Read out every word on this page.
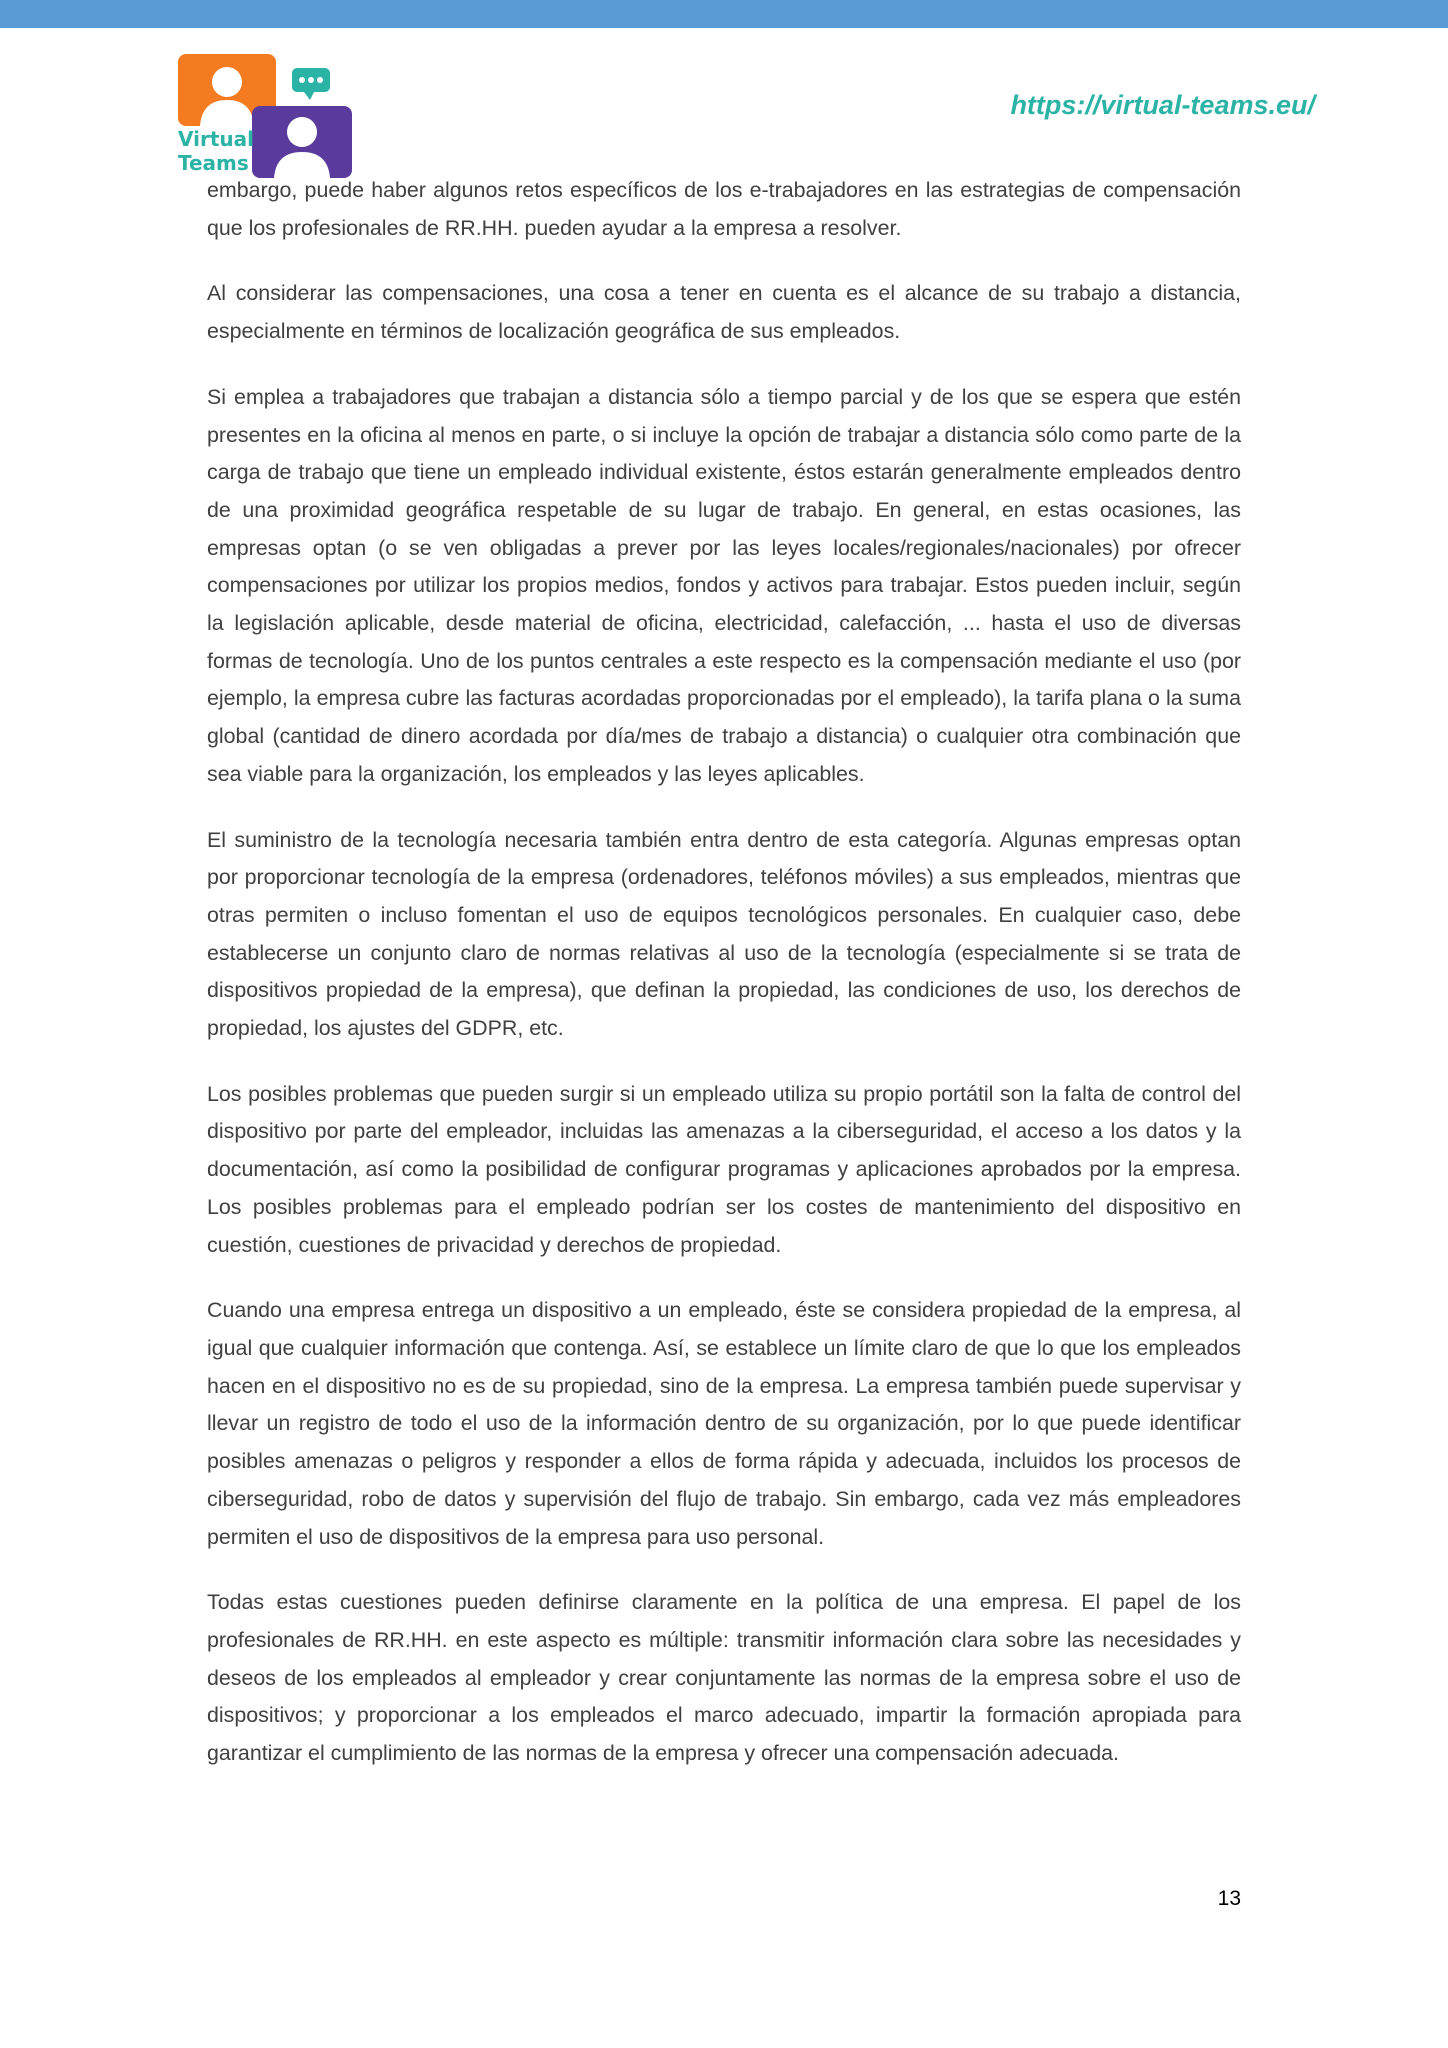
Virtual
Teams
https://virtual-teams.eu/

embargo, puede haber algunos retos específicos de los e-trabajadores en las estrategias de compensación que los profesionales de RR.HH. pueden ayudar a la empresa a resolver.

Al considerar las compensaciones, una cosa a tener en cuenta es el alcance de su trabajo a distancia, especialmente en términos de localización geográfica de sus empleados.

Si emplea a trabajadores que trabajan a distancia sólo a tiempo parcial y de los que se espera que estén presentes en la oficina al menos en parte, o si incluye la opción de trabajar a distancia sólo como parte de la carga de trabajo que tiene un empleado individual existente, éstos estarán generalmente empleados dentro de una proximidad geográfica respetable de su lugar de trabajo. En general, en estas ocasiones, las empresas optan (o se ven obligadas a prever por las leyes locales/regionales/nacionales) por ofrecer compensaciones por utilizar los propios medios, fondos y activos para trabajar. Estos pueden incluir, según la legislación aplicable, desde material de oficina, electricidad, calefacción, ... hasta el uso de diversas formas de tecnología. Uno de los puntos centrales a este respecto es la compensación mediante el uso (por ejemplo, la empresa cubre las facturas acordadas proporcionadas por el empleado), la tarifa plana o la suma global (cantidad de dinero acordada por día/mes de trabajo a distancia) o cualquier otra combinación que sea viable para la organización, los empleados y las leyes aplicables.

El suministro de la tecnología necesaria también entra dentro de esta categoría. Algunas empresas optan por proporcionar tecnología de la empresa (ordenadores, teléfonos móviles) a sus empleados, mientras que otras permiten o incluso fomentan el uso de equipos tecnológicos personales. En cualquier caso, debe establecerse un conjunto claro de normas relativas al uso de la tecnología (especialmente si se trata de dispositivos propiedad de la empresa), que definan la propiedad, las condiciones de uso, los derechos de propiedad, los ajustes del GDPR, etc.

Los posibles problemas que pueden surgir si un empleado utiliza su propio portátil son la falta de control del dispositivo por parte del empleador, incluidas las amenazas a la ciberseguridad, el acceso a los datos y la documentación, así como la posibilidad de configurar programas y aplicaciones aprobados por la empresa. Los posibles problemas para el empleado podrían ser los costes de mantenimiento del dispositivo en cuestión, cuestiones de privacidad y derechos de propiedad.

Cuando una empresa entrega un dispositivo a un empleado, éste se considera propiedad de la empresa, al igual que cualquier información que contenga. Así, se establece un límite claro de que lo que los empleados hacen en el dispositivo no es de su propiedad, sino de la empresa. La empresa también puede supervisar y llevar un registro de todo el uso de la información dentro de su organización, por lo que puede identificar posibles amenazas o peligros y responder a ellos de forma rápida y adecuada, incluidos los procesos de ciberseguridad, robo de datos y supervisión del flujo de trabajo. Sin embargo, cada vez más empleadores permiten el uso de dispositivos de la empresa para uso personal.

Todas estas cuestiones pueden definirse claramente en la política de una empresa. El papel de los profesionales de RR.HH. en este aspecto es múltiple: transmitir información clara sobre las necesidades y deseos de los empleados al empleador y crear conjuntamente las normas de la empresa sobre el uso de dispositivos; y proporcionar a los empleados el marco adecuado, impartir la formación apropiada para garantizar el cumplimiento de las normas de la empresa y ofrecer una compensación adecuada.

13
